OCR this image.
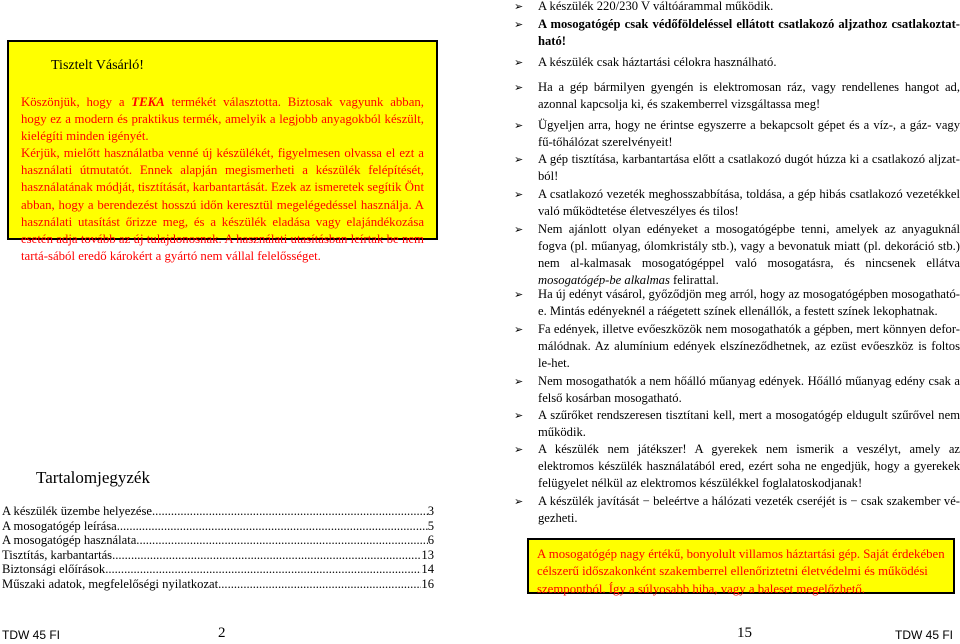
Tisztelt Vásárló!
Köszönjük, hogy a TEKA termékét választotta. Biztosak vagyunk abban, hogy ez a modern és praktikus termék, amelyik a legjobb anyagokból készült, kielégíti minden igényét.
Kérjük, mielőtt használatba venné új készülékét, figyelmesen olvassa el ezt a használati útmutatót. Ennek alapján megismerheti a készülék felépítését, használatának módját, tisztítását, karbantartását. Ezek az ismeretek segítik Önt abban, hogy a berendezést hosszú időn keresztül megelégedéssel használja. A használati utasítást őrizze meg, és a készülék eladása vagy elajándékozása esetén adja tovább az új tulajdonosnak. A használati utasításban leírtak be nem tartá-sából eredő károkért a gyártó nem vállal felelősséget.
Tartalomjegyzék
A készülék üzembe helyezése .....	3
A mosogatógép leírása .....	5
A mosogatógép használata .....	6
Tisztítás, karbantartás .....	13
Biztonsági előírások .....	14
Műszaki adatok, megfelelőségi nyilatkozat .....	16
➢ A készülék 220/230 V váltóárammal működik.
➢ A mosogatógép csak védőföldeléssel ellátott csatlakozó aljzathoz csatlakoztat-ható!
➢ A készülék csak háztartási célokra használható.
➢ Ha a gép bármilyen gyengén is elektromosan ráz, vagy rendellenes hangot ad, azonnal kapcsolja ki, és szakemberrel vizsgáltassa meg!
➢ Ügyeljen arra, hogy ne érintse egyszerre a bekapcsolt gépet és a víz-, a gáz- vagy fű-tőhálózat szerelvényeit!
➢ A gép tisztítása, karbantartása előtt a csatlakozó dugót húzza ki a csatlakozó aljzat-ból!
➢ A csatlakozó vezeték meghosszabbítása, toldása, a gép hibás csatlakozó vezetékkel való működtetése életveszélyes és tilos!
➢ Nem ajánlott olyan edényeket a mosogatógépbe tenni, amelyek az anyaguknál fogva (pl. műanyag, ólomkristály stb.), vagy a bevonatuk miatt (pl. dekoráció stb.) nem al-kalmasak mosogatógéppel való mosogatásra, és nincsenek ellátva mosogatógép-be alkalmas felirattal.
➢ Ha új edényt vásárol, győződjön meg arról, hogy az mosogatógépben mosogatható-e. Mintás edényeknél a ráégetett színek ellenállók, a festett színek lekophatnak.
➢ Fa edények, illetve evőeszközök nem mosogathatók a gépben, mert könnyen defor-málódnak. Az alumínium edények elszíneződhetnek, az ezüst evőeszköz is foltos le-het.
➢ Nem mosogathatók a nem hőálló műanyag edények. Hőálló műanyag edény csak a felső kosárban mosogatható.
➢ A szűrőket rendszeresen tisztítani kell, mert a mosogatógép eldugult szűrővel nem működik.
➢ A készülék nem játékszer! A gyerekek nem ismerik a veszélyt, amely az elektromos készülék használatából ered, ezért soha ne engedjük, hogy a gyerekek felügyelet nélkül az elektromos készülékkel foglalatoskodjanak!
➢ A készülék javítását − beleértve a hálózati vezeték cseréjét is − csak szakember vé-gezheti.
A mosogatógép nagy értékű, bonyolult villamos háztartási gép. Saját érdekében célszerű időszakonként szakemberrel ellenőriztetni életvédelmi és működési szempontból. Így a súlyosabb hiba, vagy a baleset megelőzhető.
TDW 45 FI	2	15	TDW 45 FI
